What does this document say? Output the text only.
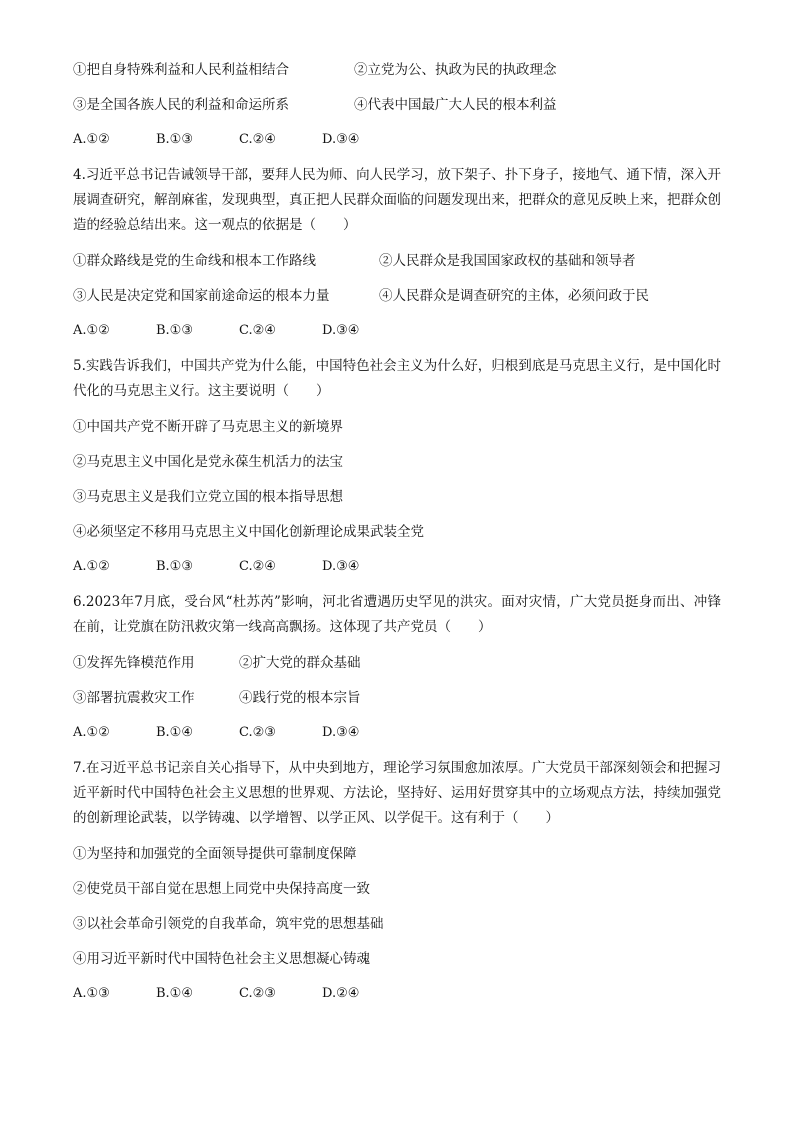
①把自身特殊利益和人民利益相结合	②立党为公、执政为民的执政理念
③是全国各族人民的利益和命运所系	④代表中国最广大人民的根本利益
A.①②	B.①③	C.②④	D.③④
4.习近平总书记告诫领导干部，要拜人民为师、向人民学习，放下架子、扑下身子，接地气、通下情，深入开展调查研究，解剖麻雀，发现典型，真正把人民群众面临的问题发现出来，把群众的意见反映上来，把群众创造的经验总结出来。这一观点的依据是（　　）
①群众路线是党的生命线和根本工作路线	②人民群众是我国国家政权的基础和领导者
③人民是决定党和国家前途命运的根本力量	④人民群众是调查研究的主体，必须问政于民
A.①②	B.①③	C.②④	D.③④
5.实践告诉我们，中国共产党为什么能，中国特色社会主义为什么好，归根到底是马克思主义行，是中国化时代化的马克思主义行。这主要说明（　　）
①中国共产党不断开辟了马克思主义的新境界
②马克思主义中国化是党永葆生机活力的法宝
③马克思主义是我们立党立国的根本指导思想
④必须坚定不移用马克思主义中国化创新理论成果武装全党
A.①②	B.①③	C.②④	D.③④
6.2023年7月底，受台风“杜苏芮”影响，河北省遭遇历史罕见的洪灾。面对灾情，广大党员挺身而出、冲锋在前，让党旗在防汛救灾第一线高高飘扬。这体现了共产党员（　　）
①发挥先锋模范作用	②扩大党的群众基础
③部署抗震救灾工作	④践行党的根本宗旨
A.①②	B.①④	C.②③	D.③④
7.在习近平总书记亲自关心指导下，从中央到地方，理论学习氛围愈加浓厚。广大党员干部深刻领会和把握习近平新时代中国特色社会主义思想的世界观、方法论，坚持好、运用好贯穿其中的立场观点方法，持续加强党的创新理论武装，以学铸魂、以学增智、以学正风、以学促干。这有利于（　　）
①为坚持和加强党的全面领导提供可靠制度保障
②使党员干部自觉在思想上同党中央保持高度一致
③以社会革命引领党的自我革命，筑牢党的思想基础
④用习近平新时代中国特色社会主义思想凝心铸魂
A.①③	B.①④	C.②③	D.②④
